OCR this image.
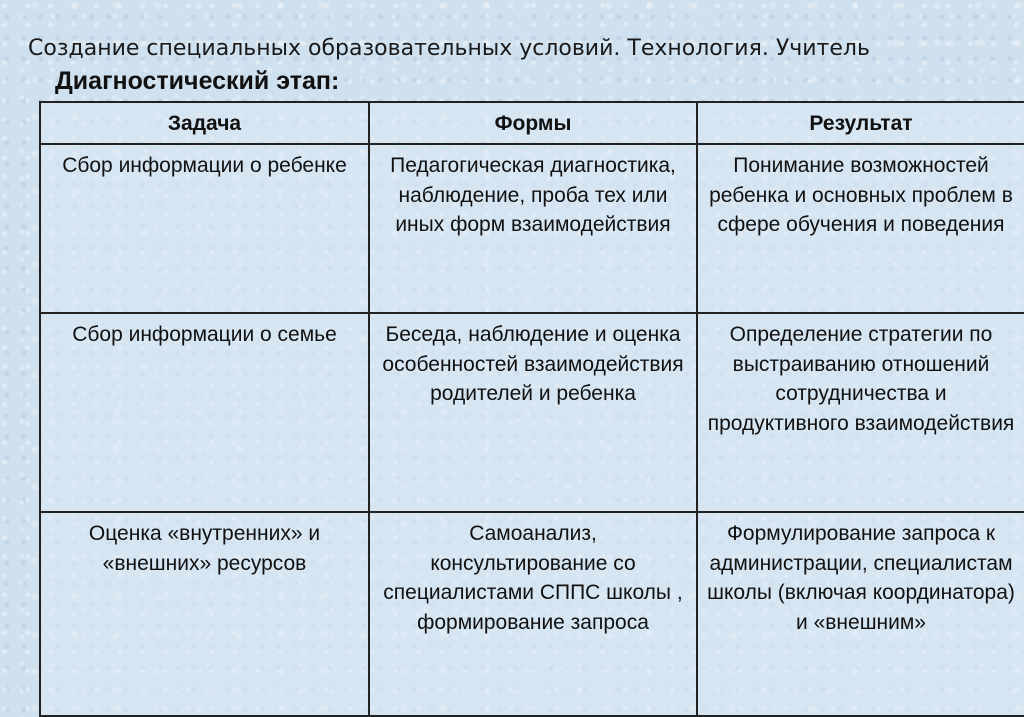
Создание специальных образовательных условий. Технология. Учитель
Диагностический этап:
Задача	Формы	Результат
Сбор информации о ребенке	Педагогическая диагностика, наблюдение, проба тех или иных форм взаимодействия	Понимание возможностей ребенка и основных проблем в сфере обучения и поведения
Сбор информации о семье	Беседа, наблюдение и оценка особенностей взаимодействия родителей и ребенка	Определение стратегии по выстраиванию отношений сотрудничества и продуктивного взаимодействия
Оценка «внутренних» и «внешних» ресурсов	Самоанализ, консультирование со специалистами СППС школы , формирование запроса	Формулирование запроса к администрации, специалистам школы (включая координатора) и «внешним»
